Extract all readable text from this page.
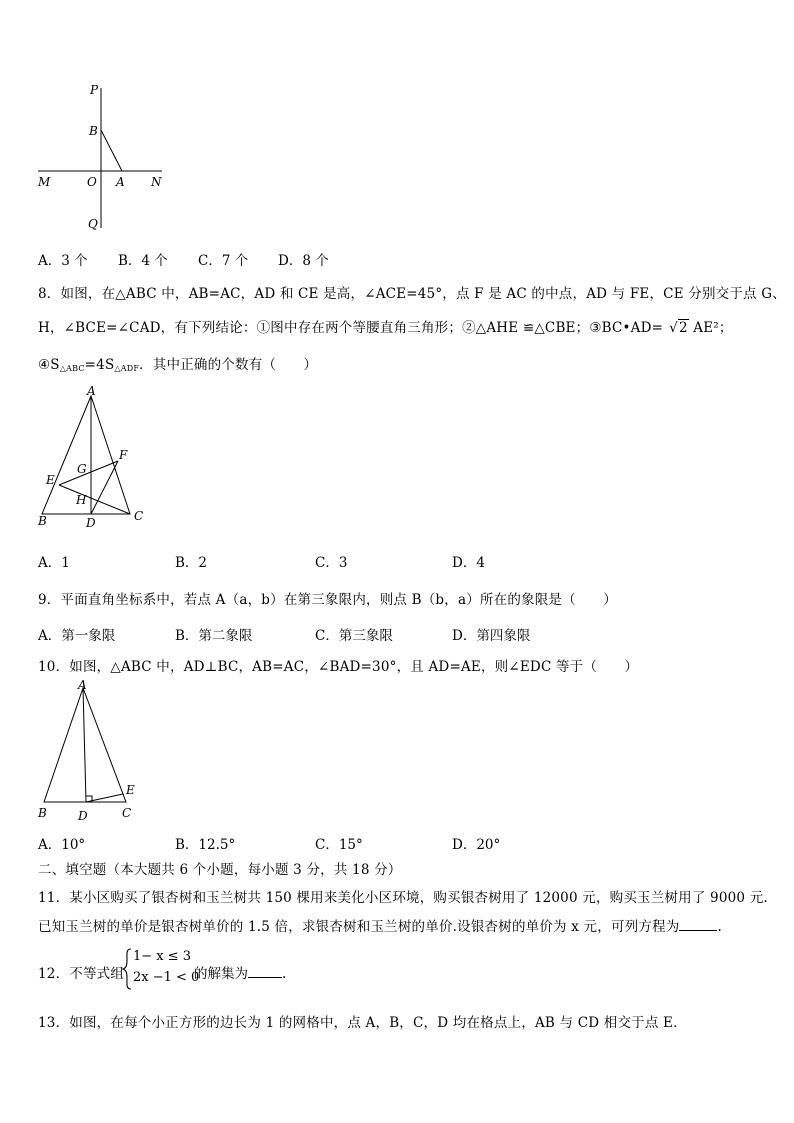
P
B
M	O A N
Q
A．3 个 B．4 个 C．7 个 D．8 个
8．如图，在△ABC 中，AB=AC，AD 和 CE 是高，∠ACE=45°，点 F 是 AC 的中点，AD 与 FE，CE 分别交于点 G、
H，∠BCE=∠CAD，有下列结论：①图中存在两个等腰直角三角形；②△AHE ≌△CBE；③BC•AD= √2 AE²；
$④S_{\triangle ABC}=4S_{\triangle ADF}$．其中正确的个数有（　　）
A
G
F
E
H
B	D	C
A．1	B．2	C．3	D．4
9．平面直角坐标系中，若点 A（a，b）在第三象限内，则点 B（b，a）所在的象限是（　　）
A．第一象限	B．第二象限	C．第三象限	D．第四象限
10．如图，△ABC 中，AD⊥BC，AB=AC，∠BAD=30°，且 AD=AE，则∠EDC 等于（　　）
A
E
B	D	C
A．10°	B．12.5°	C．15°	D．20°
二、填空题（本大题共 6 个小题，每小题 3 分，共 18 分）
11．某小区购买了银杏树和玉兰树共 150 棵用来美化小区环境，购买银杏树用了 12000 元，购买玉兰树用了 9000 元.
已知玉兰树的单价是银杏树单价的 1.5 倍，求银杏树和玉兰树的单价.设银杏树的单价为 x 元，可列方程为	.
12．不等式组
1− x ≤ 3
2x −1 < 0
的解集为	.
13．如图，在每个小正方形的边长为 1 的网格中，点 A，B，C，D 均在格点上，AB 与 CD 相交于点 E．
